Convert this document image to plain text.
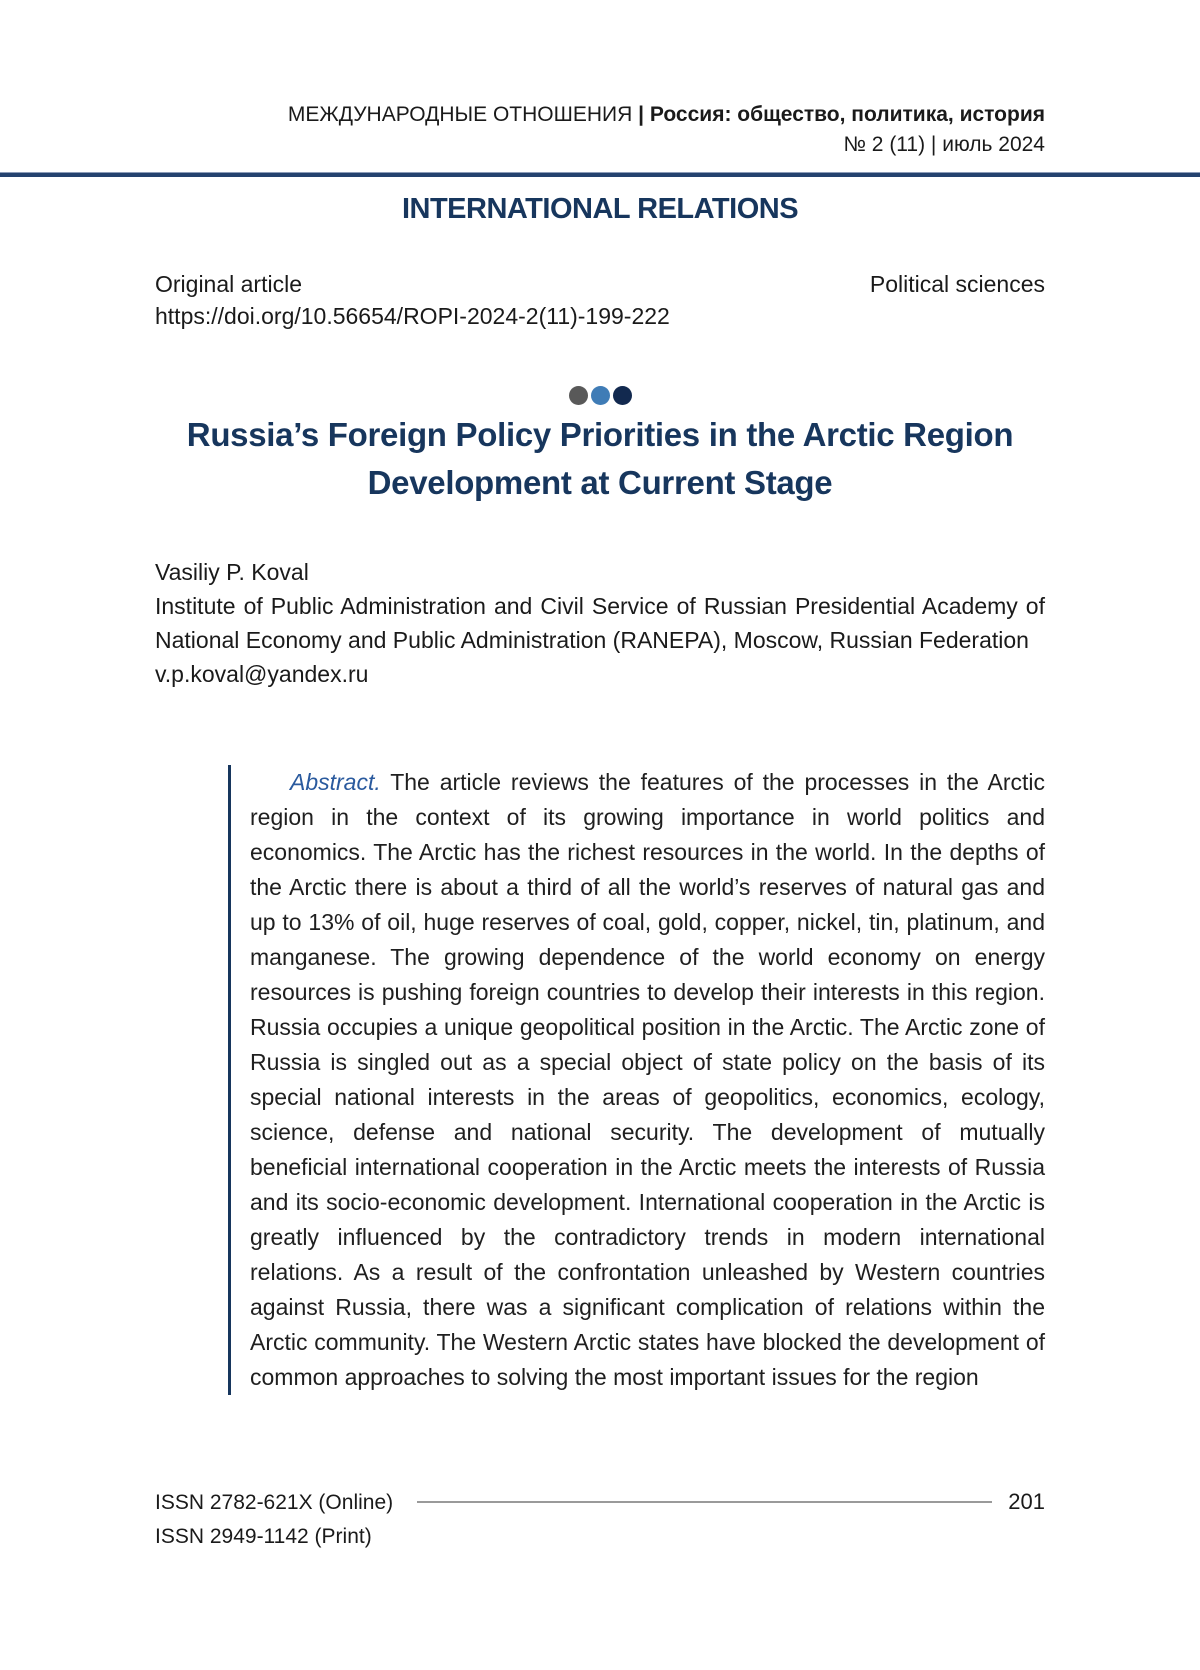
МЕЖДУНАРОДНЫЕ ОТНОШЕНИЯ | Россия: общество, политика, история
№ 2 (11) | июль 2024
INTERNATIONAL RELATIONS
Original article	Political sciences
https://doi.org/10.56654/ROPI-2024-2(11)-199-222
Russia’s Foreign Policy Priorities in the Arctic Region
Development at Current Stage
Vasiliy P. Koval
Institute of Public Administration and Civil Service of Russian Presidential Academy of National Economy and Public Administration (RANEPA), Moscow, Russian Federation
v.p.koval@yandex.ru

Abstract. The article reviews the features of the processes in the Arctic region in the context of its growing importance in world politics and economics. The Arctic has the richest resources in the world. In the depths of the Arctic there is about a third of all the world’s reserves of natural gas and up to 13% of oil, huge reserves of coal, gold, copper, nickel, tin, platinum, and manganese. The growing dependence of the world economy on energy resources is pushing foreign countries to develop their interests in this region. Russia occupies a unique geopolitical position in the Arctic. The Arctic zone of Russia is singled out as a special object of state policy on the basis of its special national interests in the areas of geopolitics, economics, ecology, science, defense and national security. The development of mutually beneficial international cooperation in the Arctic meets the interests of Russia and its socio-economic development. International cooperation in the Arctic is greatly influenced by the contradictory trends in modern international relations. As a result of the confrontation unleashed by Western countries against Russia, there was a significant complication of relations within the Arctic community. The Western Arctic states have blocked the development of common approaches to solving the most important issues for the region

ISSN 2782-621X (Online)
ISSN 2949-1142 (Print)
201
